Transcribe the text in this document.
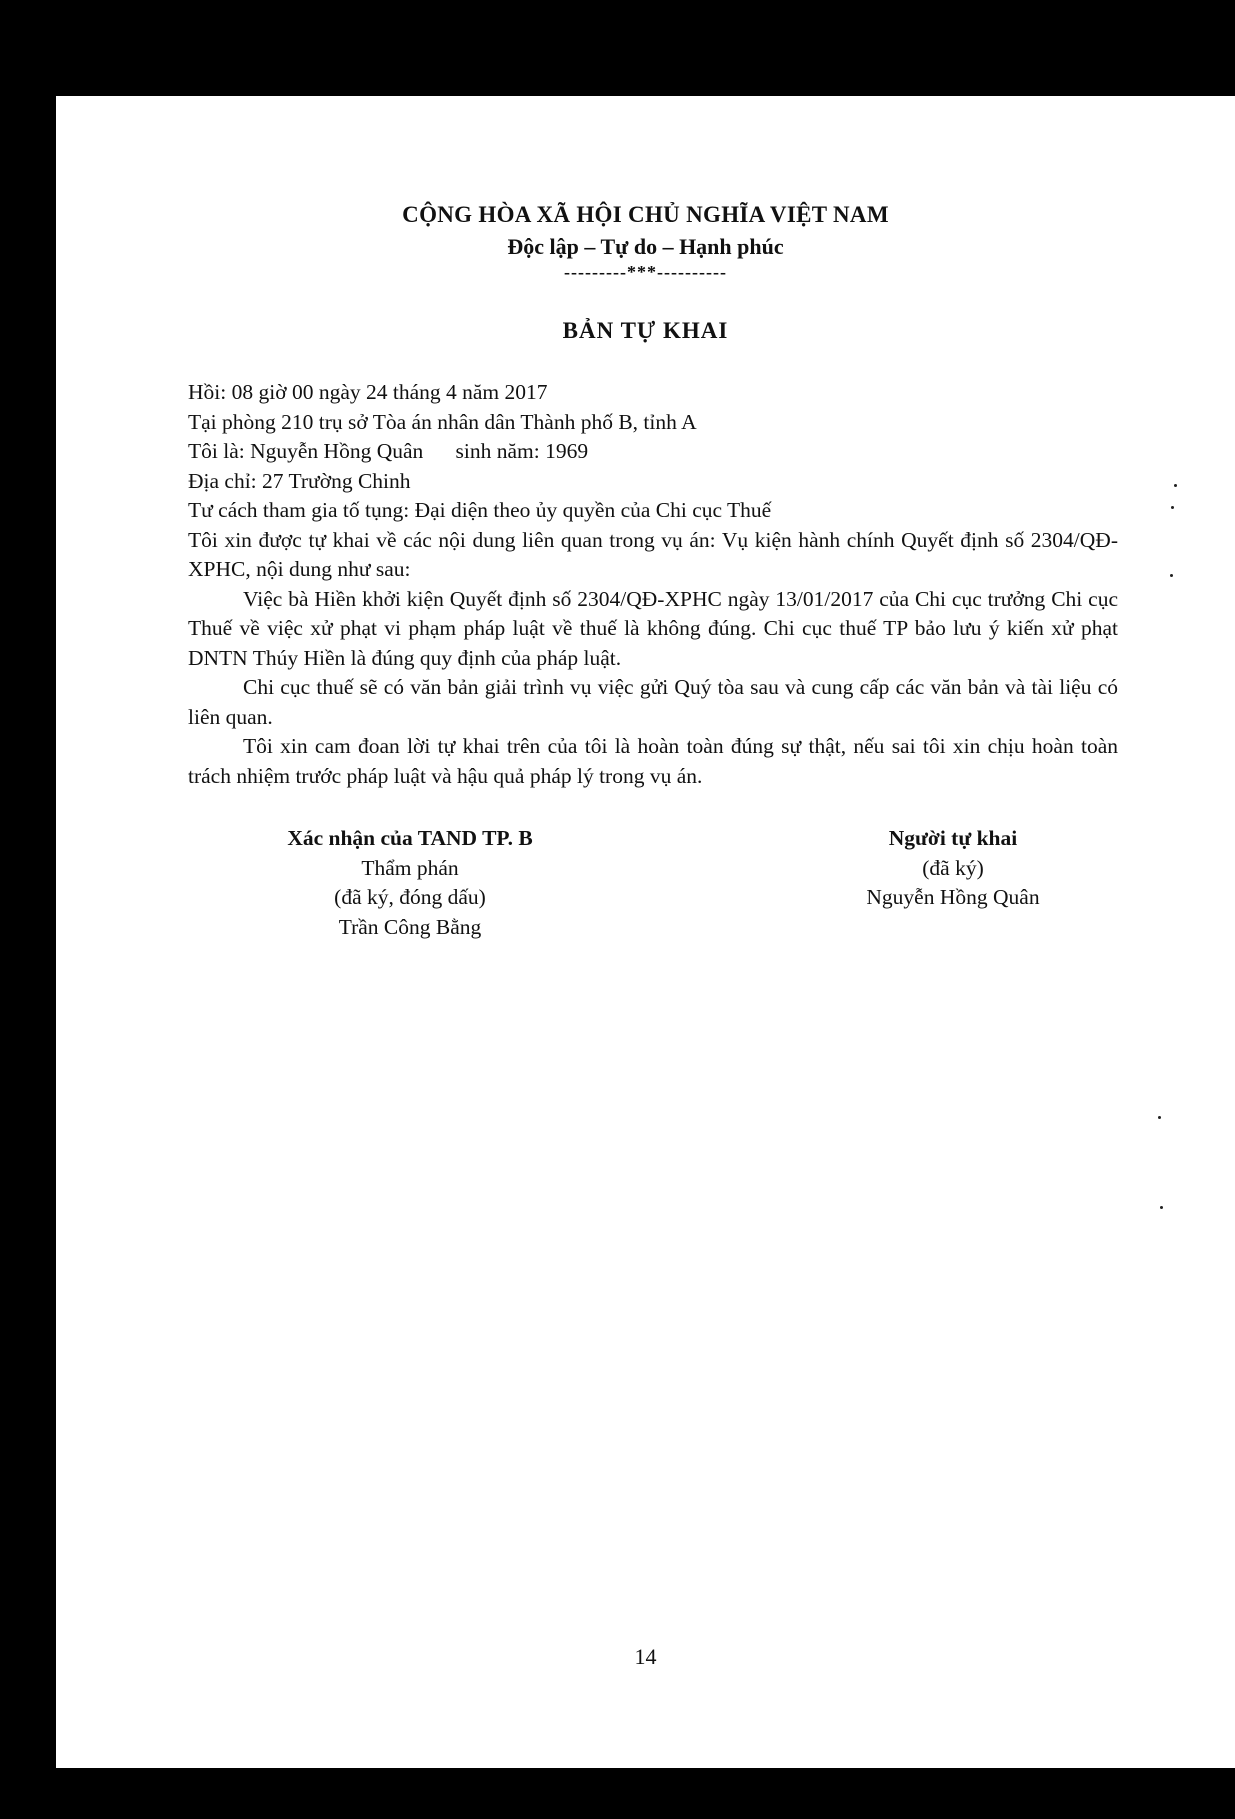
CỘNG HÒA XÃ HỘI CHỦ NGHĨA VIỆT NAM
Độc lập – Tự do – Hạnh phúc
---------***----------
BẢN TỰ KHAI

Hồi: 08 giờ 00 ngày 24 tháng 4 năm 2017

Tại phòng 210 trụ sở Tòa án nhân dân Thành phố B, tỉnh A

Tôi là: Nguyễn Hồng Quân      sinh năm: 1969

Địa chỉ: 27 Trường Chinh

Tư cách tham gia tố tụng: Đại diện theo ủy quyền của Chi cục Thuế

Tôi xin được tự khai về các nội dung liên quan trong vụ án: Vụ kiện hành chính Quyết định số 2304/QĐ-XPHC, nội dung như sau:

Việc bà Hiền khởi kiện Quyết định số 2304/QĐ-XPHC ngày 13/01/2017 của Chi cục trưởng Chi cục Thuế về việc xử phạt vi phạm pháp luật về thuế là không đúng. Chi cục thuế TP bảo lưu ý kiến xử phạt DNTN Thúy Hiền là đúng quy định của pháp luật.

Chi cục thuế sẽ có văn bản giải trình vụ việc gửi Quý tòa sau và cung cấp các văn bản và tài liệu có liên quan.

Tôi xin cam đoan lời tự khai trên của tôi là hoàn toàn đúng sự thật, nếu sai tôi xin chịu hoàn toàn trách nhiệm trước pháp luật và hậu quả pháp lý trong vụ án.

Xác nhận của TAND TP. B
Thẩm phán
(đã ký, đóng dấu)
Trần Công Bằng
Người tự khai
(đã ký)
Nguyễn Hồng Quân
14
